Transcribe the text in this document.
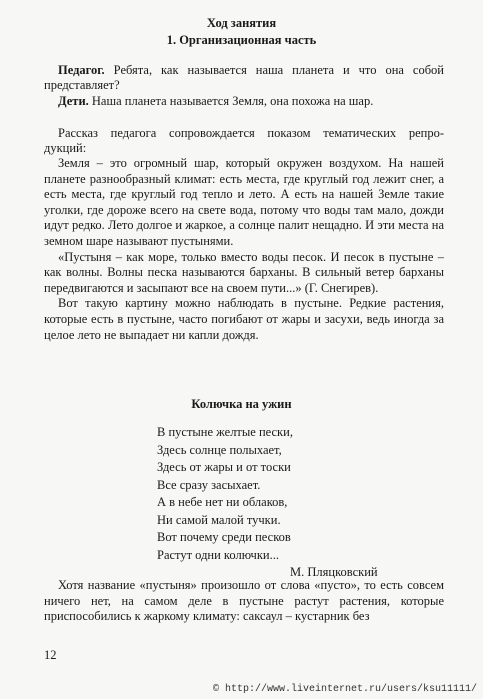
Ход занятия
1. Организационная часть
Педагог. Ребята, как называется наша планета и что она собой
представляет?
Дети. Наша планета называется Земля, она похожа на шар.
Рассказ педагога сопровождается показом тематических репро-
дукций:

Земля – это огромный шар, который окружен воздухом. На нашей планете разнообразный климат: есть места, где круглый год лежит снег, а есть места, где круглый год тепло и лето. А есть на нашей Земле такие уголки, где дороже всего на свете вода, потому что воды там мало, дожди идут редко. Лето долгое и жаркое, а солнце палит нещадно. И эти места на земном шаре называют пустынями.

«Пустыня – как море, только вместо воды песок. И песок в пустыне – как волны. Волны песка называются барханы. В сильный ветер барханы передвигаются и засыпают все на своем пути...» (Г. Снегирев).

Вот такую картину можно наблюдать в пустыне. Редкие растения, которые есть в пустыне, часто погибают от жары и засухи, ведь иногда за целое лето не выпадает ни капли дождя.

Колючка на ужин
В пустыне желтые пески,
Здесь солнце полыхает,
Здесь от жары и от тоски
Все сразу засыхает.
А в небе нет ни облаков,
Ни самой малой тучки.
Вот почему среди песков
Растут одни колючки...
М. Пляцковский

Хотя название «пустыня» произошло от слова «пусто», то есть совсем ничего нет, на самом деле в пустыне растут растения, которые приспособились к жаркому климату: саксаул – кустарник без

12
© http://www.liveinternet.ru/users/ksu11111/
